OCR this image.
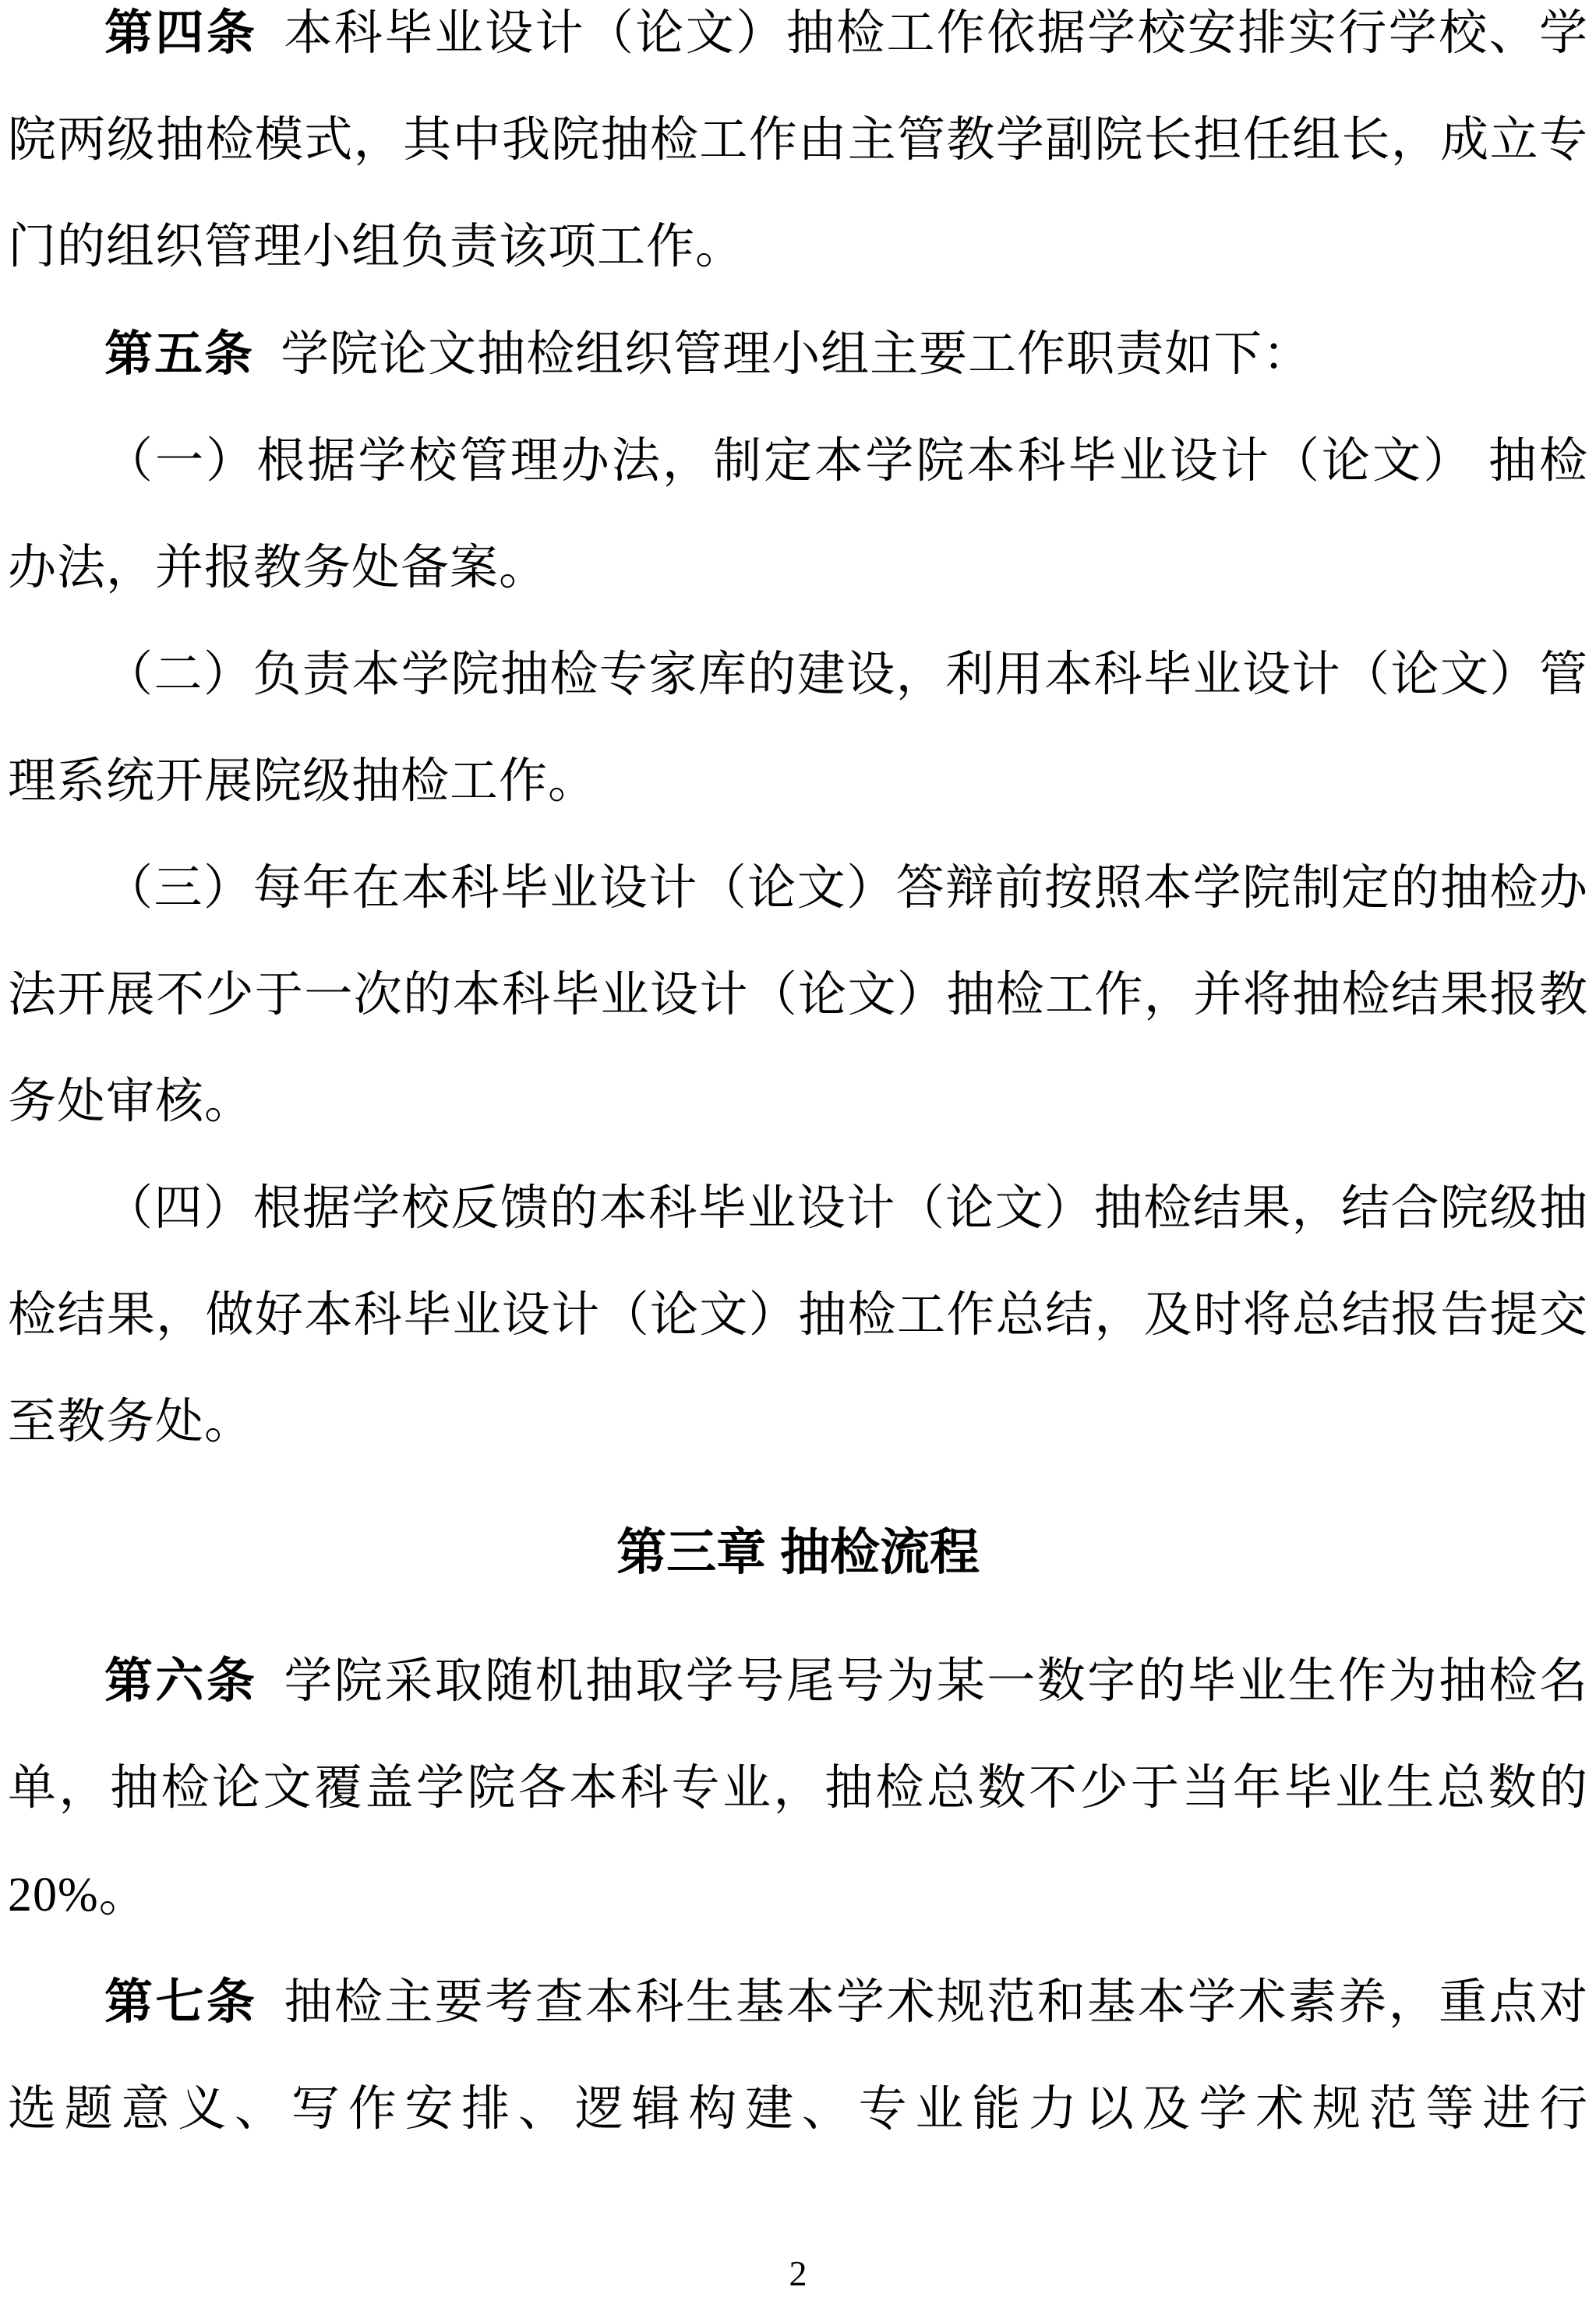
第四条 本科毕业设计（论文）抽检工作依据学校安排实行学校、学院两级抽检模式，其中我院抽检工作由主管教学副院长担任组长，成立专门的组织管理小组负责该项工作。

第五条 学院论文抽检组织管理小组主要工作职责如下：

（一）根据学校管理办法，制定本学院本科毕业设计（论文） 抽检办法，并报教务处备案。

（二）负责本学院抽检专家库的建设，利用本科毕业设计（论文）管理系统开展院级抽检工作。

（三）每年在本科毕业设计（论文）答辩前按照本学院制定的抽检办法开展不少于一次的本科毕业设计（论文）抽检工作，并将抽检结果报教务处审核。

（四）根据学校反馈的本科毕业设计（论文）抽检结果，结合院级抽检结果，做好本科毕业设计（论文）抽检工作总结，及时将总结报告提交至教务处。

第三章 抽检流程

第六条 学院采取随机抽取学号尾号为某一数字的毕业生作为抽检名单，抽检论文覆盖学院各本科专业，抽检总数不少于当年毕业生总数的 20%。

第七条 抽检主要考查本科生基本学术规范和基本学术素养，重点对选题意义、写作安排、逻辑构建、专业能力以及学术规范等进行

2
